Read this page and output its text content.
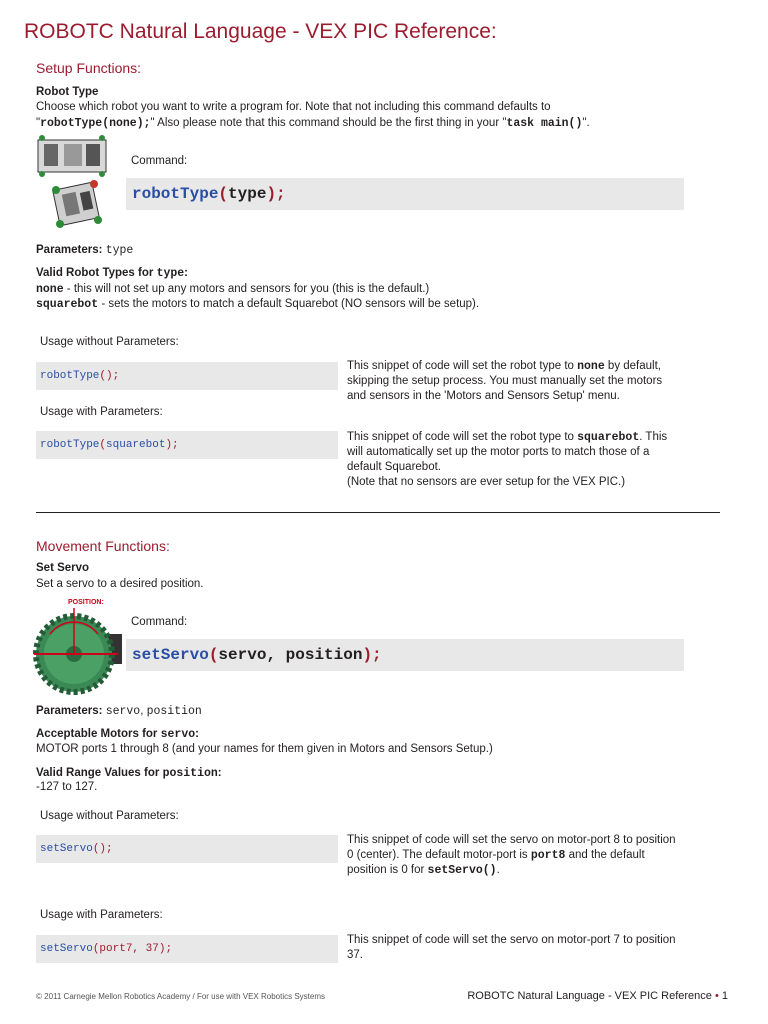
ROBOTC Natural Language - VEX PIC Reference:
Setup Functions:
Robot Type
Choose which robot you want to write a program for. Note that not including this command defaults to
"robotType(none);" Also please note that this command should be the first thing in your "task main()".
Command:
robotType(type);
Parameters: type
Valid Robot Types for type:
none - this will not set up any motors and sensors for you (this is the default.)
squarebot - sets the motors to match a default Squarebot (NO sensors will be setup).
Usage without Parameters:
robotType();
This snippet of code will set the robot type to none by default, skipping the setup process. You must manually set the motors and sensors in the 'Motors and Sensors Setup' menu.
Usage with Parameters:
robotType(squarebot);
This snippet of code will set the robot type to squarebot. This will automatically set up the motor ports to match those of a default Squarebot.
(Note that no sensors are ever setup for the VEX PIC.)
Movement Functions:
Set Servo
Set a servo to a desired position.
POSITION:
Command:
setServo(servo, position);
Parameters: servo, position
Acceptable Motors for servo:
MOTOR ports 1 through 8 (and your names for them given in Motors and Sensors Setup.)
Valid Range Values for position:
-127 to 127.
Usage without Parameters:
setServo();
This snippet of code will set the servo on motor-port 8 to position 0 (center). The default motor-port is port8 and the default position is 0 for setServo().
Usage with Parameters:
setServo(port7, 37);
This snippet of code will set the servo on motor-port 7 to position 37.
© 2011 Carnegie Mellon Robotics Academy / For use with VEX Robotics Systems	ROBOTC Natural Language - VEX PIC Reference • 1
